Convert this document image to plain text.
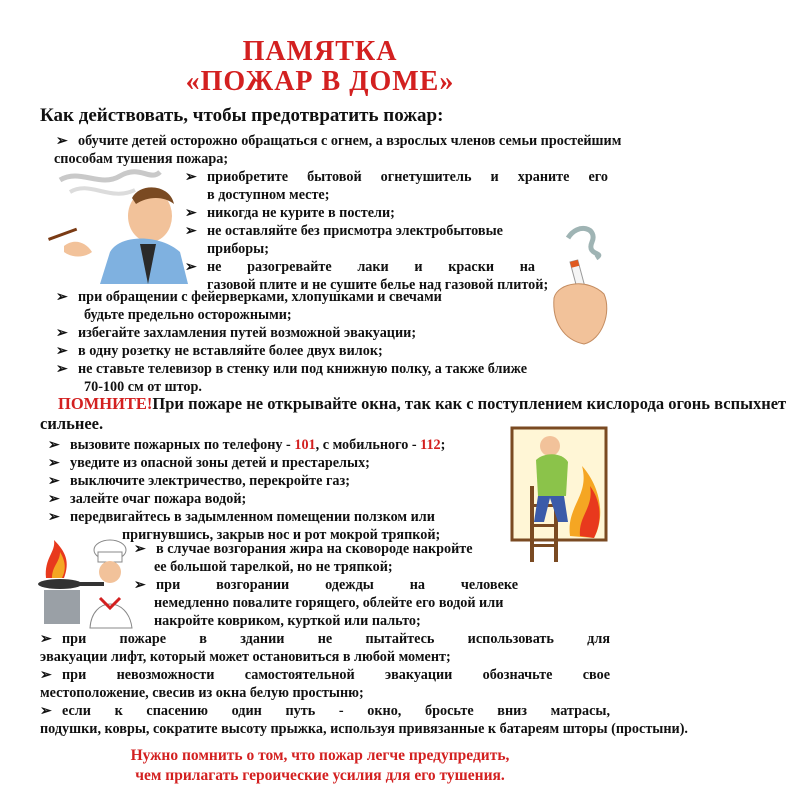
ПАМЯТКА
«ПОЖАР В ДОМЕ»
Как действовать, чтобы предотвратить пожар:
➢ обучите детей осторожно обращаться с огнем, а взрослых членов семьи простейшим
способам тушения пожара;
➢ приобретите бытовой огнетушитель и храните его
в доступном месте;
➢ никогда не курите в постели;
➢ не оставляйте без присмотра электробытовые
приборы;
➢ не разогревайте лаки и краски на
газовой плите и не сушите белье над газовой плитой;
➢ при обращении с фейерверками, хлопушками и свечами
будьте предельно осторожными;
➢ избегайте захламления путей возможной эвакуации;
➢ в одну розетку не вставляйте более двух вилок;
➢ не ставьте телевизор в стенку или под книжную полку, а также ближе
70-100 см от штор.
ПОМНИТЕ!При пожаре не открывайте окна, так как с поступлением кислорода огонь вспыхнет
сильнее.
➢ вызовите пожарных по телефону - 101, с мобильного - 112;
➢ уведите из опасной зоны детей и престарелых;
➢ выключите электричество, перекройте газ;
➢ залейте очаг пожара водой;
➢ передвигайтесь в задымленном помещении ползком или
пригнувшись, закрыв нос и рот мокрой тряпкой;
➢ в случае возгорания жира на сковороде накройте
ее большой тарелкой, но не тряпкой;
➢ при возгорании одежды на человеке
немедленно повалите горящего, облейте его водой или
накройте ковриком, курткой или пальто;
➢ при пожаре в здании не пытайтесь использовать для
эвакуации лифт, который может остановиться в любой момент;
➢ при невозможности самостоятельной эвакуации обозначьте свое
местоположение, свесив из окна белую простыню;
➢ если к спасению один путь - окно, бросьте вниз матрасы,
подушки, ковры, сократите высоту прыжка, используя привязанные к батареям шторы (простыни).
Нужно помнить о том, что пожар легче предупредить,
чем прилагать героические усилия для его тушения.
